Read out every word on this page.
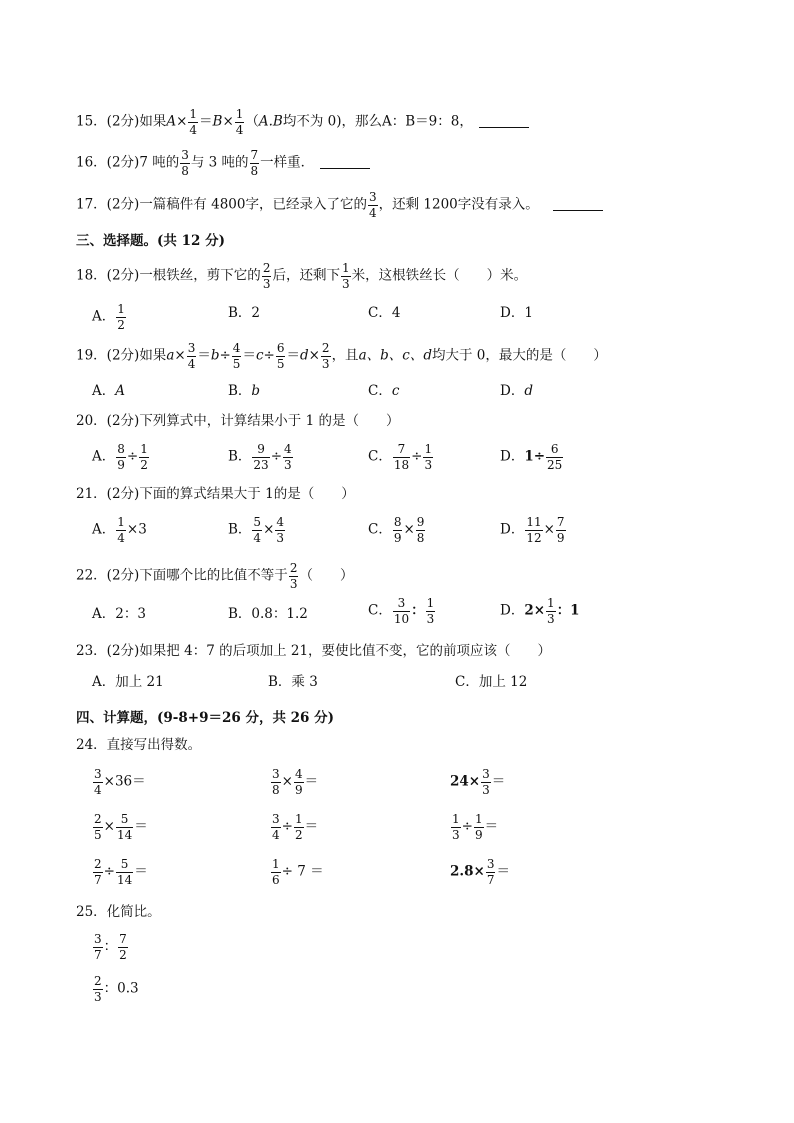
15．(2分)如果$A\times \frac{1}{4} =B\times \frac{1}{4} (A.B$均不为 0)，那么A：B＝9：8，
16．(2分)7 吨的 $\frac{3}{8}$ 与 3 吨的 $\frac{7}{8}$ 一样重．
17．(2分)一篇稿件有 4800字，已经录入了它的 $\frac{3}{4}$ ，还剩 1200字没有录入。
三、选择题。(共 12 分)
18．(2分)一根铁丝，剪下它的 $\frac{2}{3}$ 后，还剩下 $\frac{1}{3}$ 米，这根铁丝长（　　）米。
A． $\frac{1}{2}$	B．2	C．4	D．1
19．(2分)如果$a\times \frac{3}{4} =b\div \frac{4}{5} =c\div \frac{6}{5} =d\times \frac{2}{3}$ ，且a、b、c、d均大于 0，最大的是（　　）
A．A	B．b	C．c	D．d
20．(2分)下列算式中，计算结果小于 1 的是（　　）
A． $\frac{8}{9} \div \frac{1}{2}$	B． $\frac{9}{23} \div \frac{4}{3}$	C． $\frac{7}{18} \div \frac{1}{3}$	D．$1\div \frac{6}{25}$
21．(2分)下面的算式结果大于 1的是（　　）
A． $\frac{1}{4} \times 3$	B． $\frac{5}{4} \times \frac{4}{3}$	C． $\frac{8}{9} \times \frac{9}{8}$	D． $\frac{11}{12} \times \frac{7}{9}$
22．(2分)下面哪个比的比值不等于 $\frac{2}{3}$ （　　）
A．2：3	B．0.8：1.2	C． $\frac{3}{10}$ ： $\frac{1}{3}$	D．$2\times \frac{1}{3}$ ：1
23．(2分)如果把 4：7 的后项加上 21，要使比值不变，它的前项应该（　　）
A．加上 21	B．乘 3	C．加上 12
四、计算题，(9-8+9＝26 分，共 26 分)
24．直接写出得数。
$\frac{3}{4} \times 36=$	$\frac{3}{8} \times \frac{4}{9}$ ＝	$24\times \frac{3}{3}$ ＝
$\frac{2}{5} \times \frac{5}{14}$ ＝	$\frac{3}{4} \div \frac{1}{2}$ ＝	$\frac{1}{3} \div \frac{1}{9}$ ＝
$\frac{2}{7} \div \frac{5}{14}$ ＝	$\frac{1}{6} \div 7$ ＝	$2.8\times \frac{3}{7}$ ＝
25．化简比。
$\frac{3}{7}$ ： $\frac{7}{2}$
$\frac{2}{3}$ ：0.3
